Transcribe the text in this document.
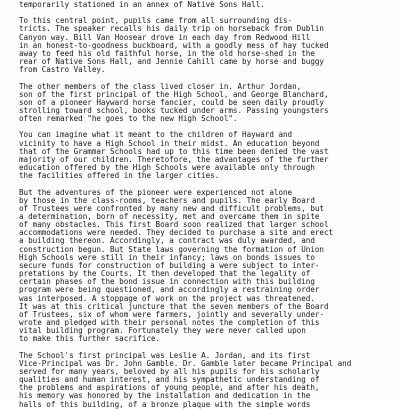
temporarily stationed in an annex of Native Sons Hall.

To this central point, pupils came from all surrounding dis-
tricts. The speaker recalls his daily trip on horseback from Dublin
Canyon way. Bill Van Hoosear drove in each day from Redwood Hill
in an honest-to-goodness buckboard, with a goodly mess of hay tucked
away to feed his old faithful horse, in the old horse-shed in the
rear of Native Sons Hall, and Jennie Cahill came by horse and buggy
from Castro Valley.

The other members of the class lived closer in. Arthur Jordan,
son of the first principal of the High School, and George Blanchard,
son of a pioneer Hayward horse fancier, could be seen daily proudly
strolling toward school, books tucked under arms. Passing youngsters
often remarked "he goes to the new High School".

You can imagine what it meant to the children of Hayward and
vicinity to have a High School in their midst. An education beyond
that of the Grammar Schools had up to this time been denied the vast
majority of our children. Theretofore, the advantages of the further
education offered by the High Schools were available only through
the facilities offered in the larger cities.

But the adventures of the pioneer were experienced not alone
by those in the class-rooms, teachers and pupils. The early Board
of Trustees were confronted by many new and difficult problems, but
a determination, born of necessity, met and overcame them in spite
of many obstacles. This first Board soon realized that larger school
accommodations were needed. They decided to purchase a site and erect
a building thereon. Accordingly, a contract was duly awarded, and
construction begun. But State laws governing the formation of Union
High Schools were still in their infancy; laws on bonds issues to
secure funds for construction of building a were subject to inter-
pretations by the Courts. It then developed that the legality of
certain phases of the bond issue in connection with this building
program were being questioned, and accordingly a restraining order
was interposed. A stoppage of work on the project was threatened.
It was at this critical juncture that the seven members of the Board
of Trustees, six of whom were farmers, jointly and severally under-
wrote and pledged with their personal notes the completion of this
vital building program. Fortunately they were never called upon
to make this further sacrifice.

The School's first principal was Leslie A. Jordan, and its first
Vice-Principal was Dr. John Gamble. Dr. Gamble later became Principal and
served for many years, beloved by all his pupils for his scholarly
qualities and human interest, and his sympathetic understanding of
the problems and aspirations of young people, and after his death,
his memory was honored by the installation and dedication in the
halls of this building, of a bronze plaque with the simple words
